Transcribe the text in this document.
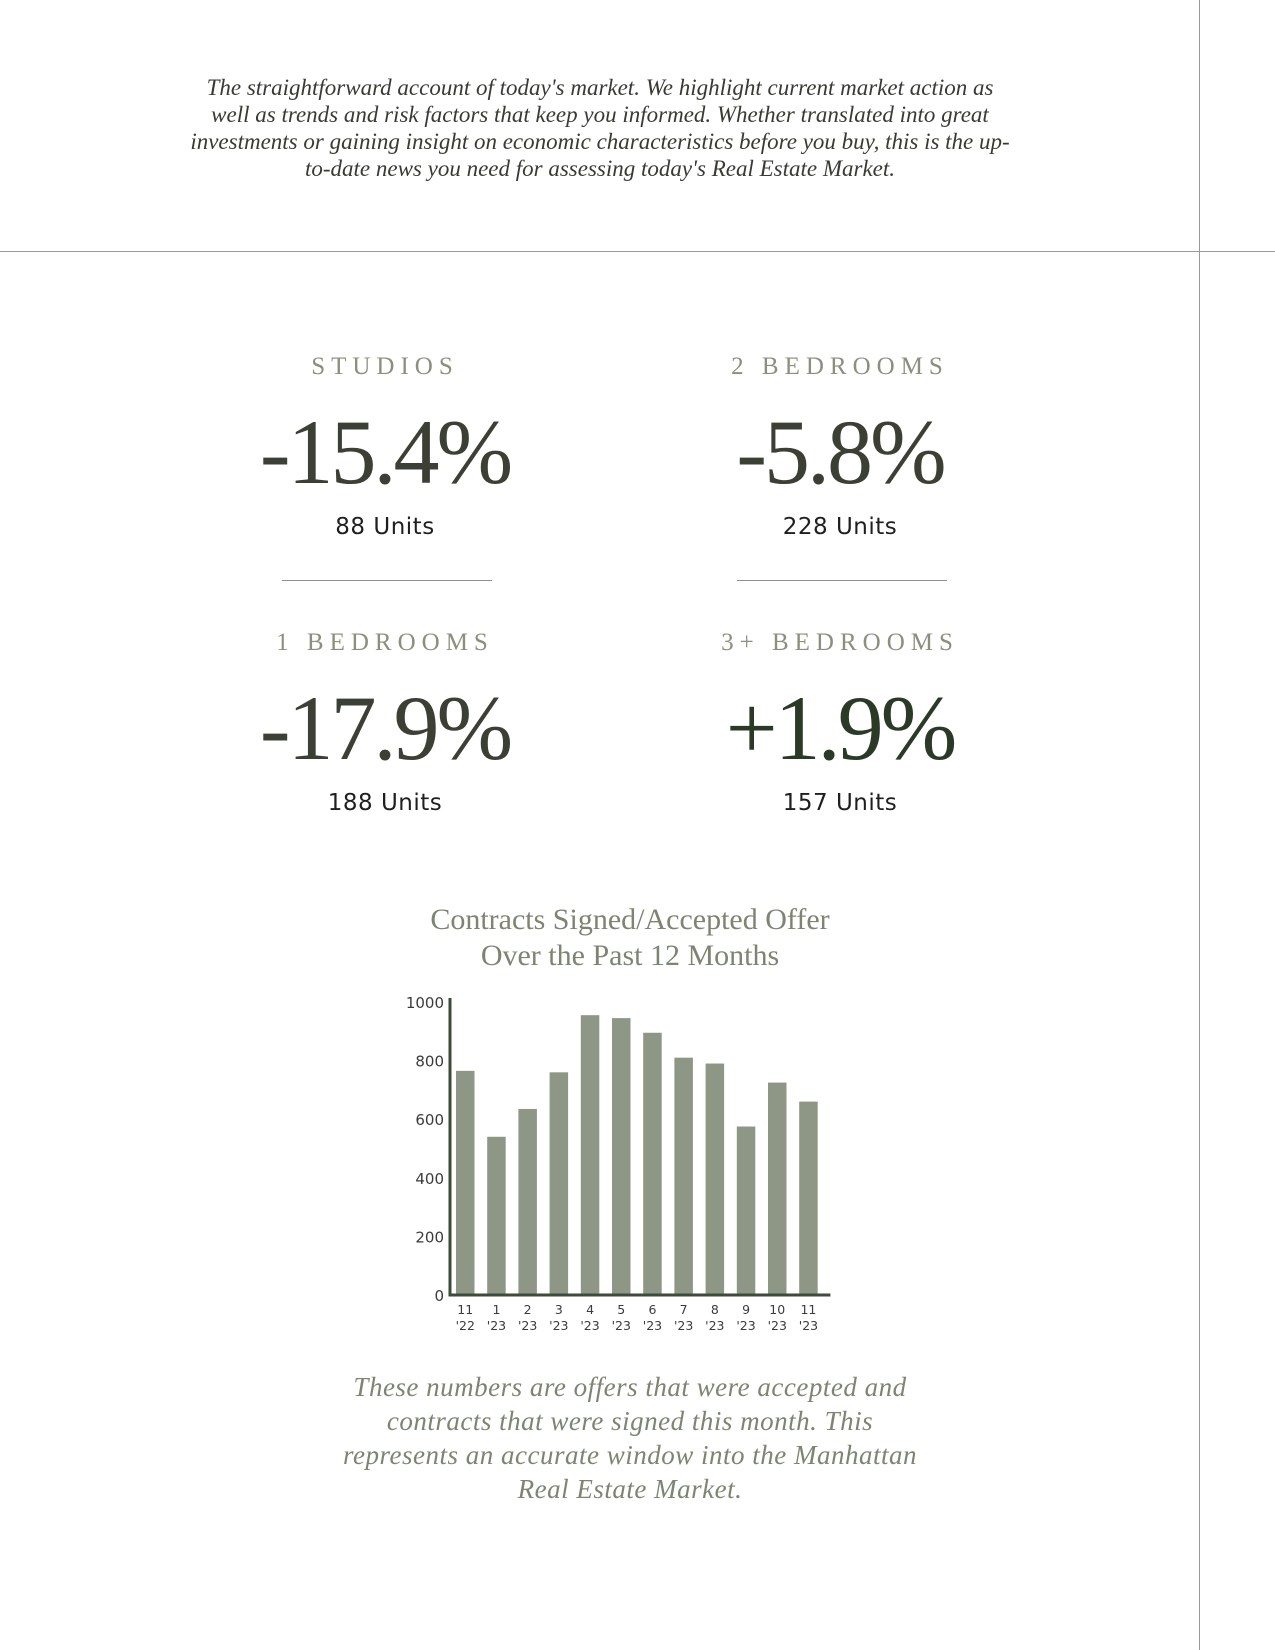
The straightforward account of today's market. We highlight current market action as well as trends and risk factors that keep you informed. Whether translated into great investments or gaining insight on economic characteristics before you buy, this is the up-to-date news you need for assessing today's Real Estate Market.
STUDIOS
-15.4%
88 Units
2 BEDROOMS
-5.8%
228 Units
1 BEDROOMS
-17.9%
188 Units
3+ BEDROOMS
+1.9%
157 Units
Contracts Signed/Accepted Offer
Over the Past 12 Months
0
200
400
600
800
1000
11
'22
1
'23
2
'23
3
'23
4
'23
5
'23
6
'23
7
'23
8
'23
9
'23
10
'23
11
'23
These numbers are offers that were accepted and contracts that were signed this month. This represents an accurate window into the Manhattan Real Estate Market.
